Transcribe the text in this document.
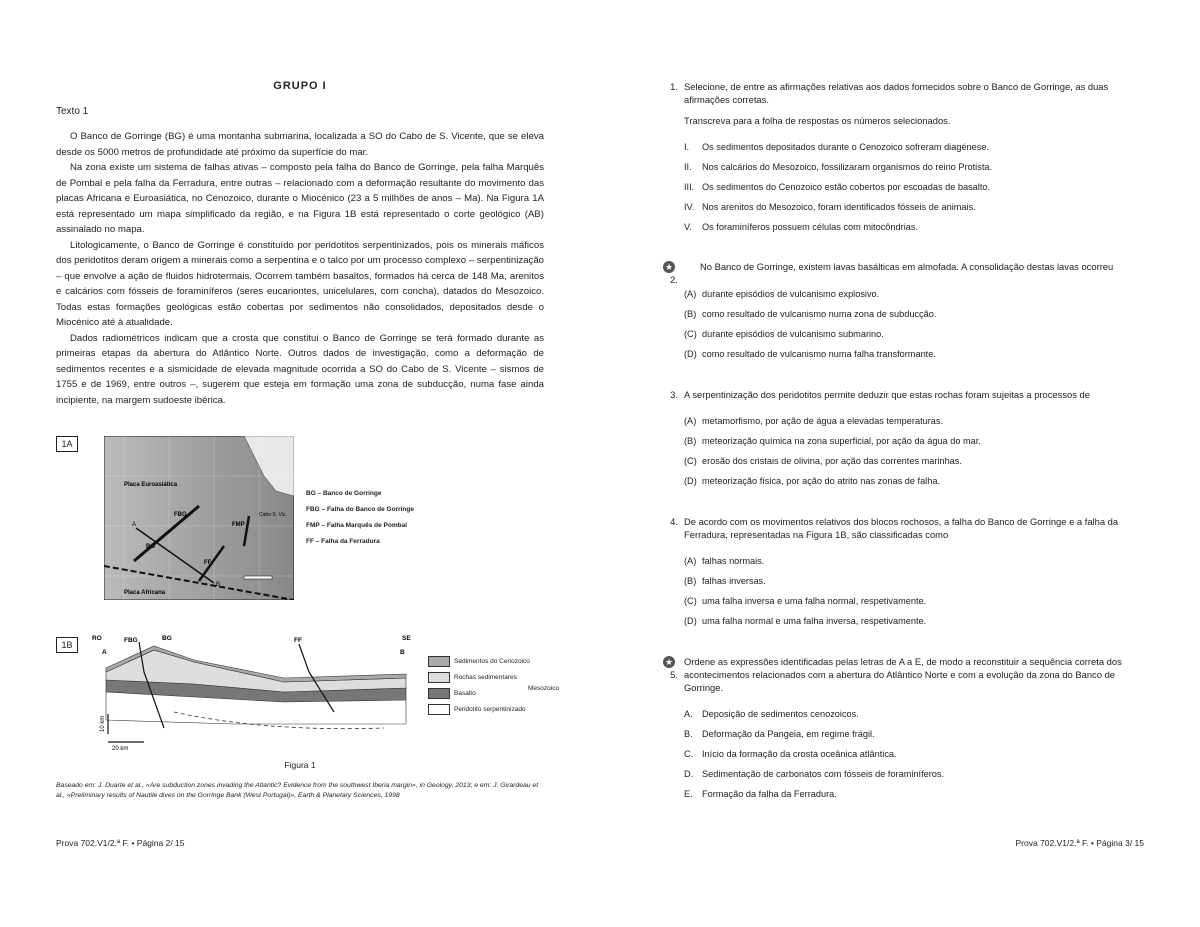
GRUPO I
Texto 1

O Banco de Gorringe (BG) é uma montanha submarina, localizada a SO do Cabo de S. Vicente, que se eleva desde os 5000 metros de profundidade até próximo da superfície do mar.

Na zona existe um sistema de falhas ativas – composto pela falha do Banco de Gorringe, pela falha Marquês de Pombal e pela falha da Ferradura, entre outras – relacionado com a deformação resultante do movimento das placas Africana e Euroasiática, no Cenozoico, durante o Miocénico (23 a 5 milhões de anos – Ma). Na Figura 1A está representado um mapa simplificado da região, e na Figura 1B está representado o corte geológico (AB) assinalado no mapa.

Litologicamente, o Banco de Gorringe é constituído por peridotitos serpentinizados, pois os minerais máficos dos peridotitos deram origem a minerais como a serpentina e o talco por um processo complexo – serpentinização – que envolve a ação de fluidos hidrotermais. Ocorrem também basaltos, formados há cerca de 148 Ma, arenitos e calcários com fósseis de foraminíferos (seres eucariontes, unicelulares, com concha), datados do Mesozoico. Todas estas formações geológicas estão cobertas por sedimentos não consolidados, depositados desde o Miocénico até à atualidade.

Dados radiométricos indicam que a crosta que constitui o Banco de Gorringe se terá formado durante as primeiras etapas da abertura do Atlântico Norte. Outros dados de investigação, como a deformação de sedimentos recentes e a sismicidade de elevada magnitude ocorrida a SO do Cabo de S. Vicente – sismos de 1755 e de 1969, entre outros –, sugerem que esteja em formação uma zona de subducção, numa fase ainda incipiente, na margem sudoeste ibérica.

1A
Placa Euroasiática
Placa Africana
A
B
BG
FBG
FMP
FF
Cabo S. Vic.
BG – Banco de Gorringe
FBG – Falha do Banco de Gorringe
FMP – Falha Marquês de Pombal
FF – Falha da Ferradura
1B
RO
A
FBG	BG	FF	SE
B
10 km
20 km
Sedimentos do Cenozoico
Rochas sedimentares
Basalto
Peridotito serpentinizado
Mesozoico
Figura 1
Baseado em: J. Duarte et al., «Are subduction zones invading the Atlantic? Evidence from the southwest Iberia margin», in Geology, 2013; e em: J. Girardeau et al., «Preliminary results of Nautile dives on the Gorringe Bank (West Portugal)», Earth & Planetary Sciences, 1998
Prova 702.V1/2.ª F. • Página 2/ 15
1. Selecione, de entre as afirmações relativas aos dados fornecidos sobre o Banco de Gorringe, as duas afirmações corretas.
Transcreva para a folha de respostas os números selecionados.
I. Os sedimentos depositados durante o Cenozoico sofreram diagénese.
II. Nos calcários do Mesozoico, fossilizaram organismos do reino Protista.
III. Os sedimentos do Cenozoico estão cobertos por escoadas de basalto.
IV. Nos arenitos do Mesozoico, foram identificados fósseis de animais.
V. Os foraminíferos possuem células com mitocôndrias.
★2.
No Banco de Gorringe, existem lavas basálticas em almofada. A consolidação destas lavas ocorreu
(A) durante episódios de vulcanismo explosivo.
(B) como resultado de vulcanismo numa zona de subducção.
(C) durante episódios de vulcanismo submarino.
(D) como resultado de vulcanismo numa falha transformante.
3. A serpentinização dos peridotitos permite deduzir que estas rochas foram sujeitas a processos de
(A) metamorfismo, por ação de água a elevadas temperaturas.
(B) meteorização química na zona superficial, por ação da água do mar.
(C) erosão dos cristais de olivina, por ação das correntes marinhas.
(D) meteorização física, por ação do atrito nas zonas de falha.
4. De acordo com os movimentos relativos dos blocos rochosos, a falha do Banco de Gorringe e a falha da Ferradura, representadas na Figura 1B, são classificadas como
(A) falhas normais.
(B) falhas inversas.
(C) uma falha inversa e uma falha normal, respetivamente.
(D) uma falha normal e uma falha inversa, respetivamente.
★5.
Ordene as expressões identificadas pelas letras de A a E, de modo a reconstituir a sequência correta dos acontecimentos relacionados com a abertura do Atlântico Norte e com a evolução da zona do Banco de Gorringe.
A. Deposição de sedimentos cenozoicos.
B. Deformação da Pangeia, em regime frágil.
C. Início da formação da crosta oceânica atlântica.
D. Sedimentação de carbonatos com fósseis de foraminíferos.
E. Formação da falha da Ferradura.
Prova 702.V1/2.ª F. • Página 3/ 15
